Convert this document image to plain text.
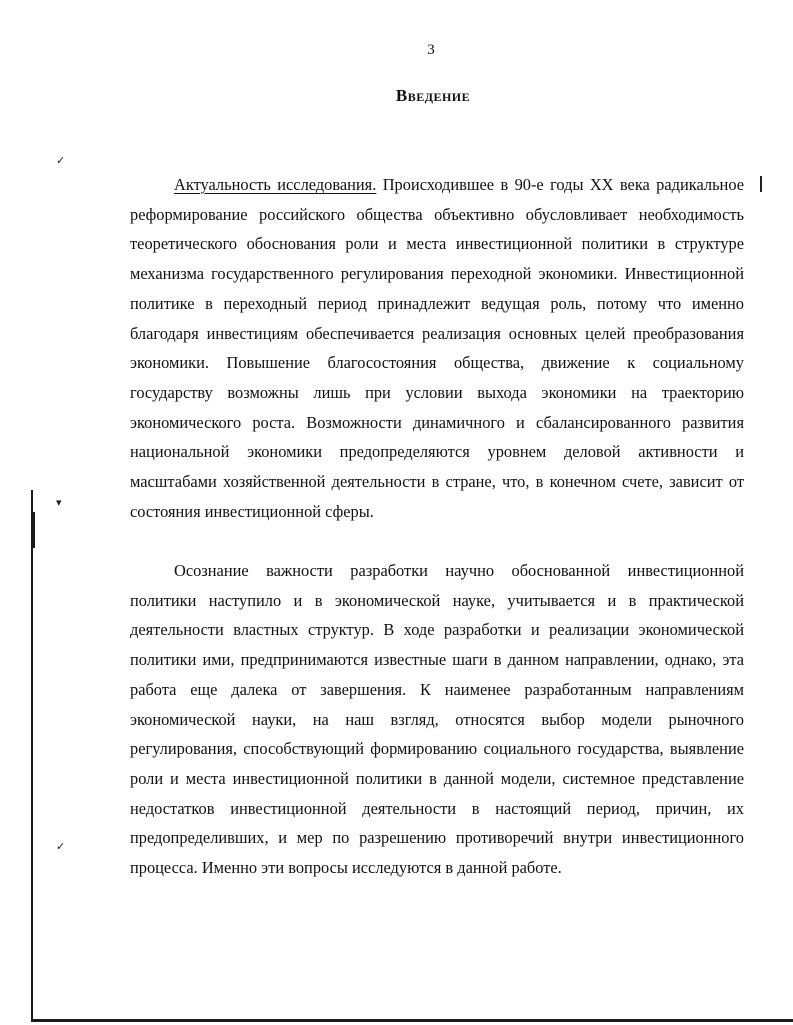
3
Введение

Актуальность исследования. Происходившее в 90-е годы XX века радикальное реформирование российского общества объективно обусловливает необходимость теоретического обоснования роли и места инвестиционной политики в структуре механизма государственного регулирования переходной экономики. Инвестиционной политике в переходный период принадлежит ведущая роль, потому что именно благодаря инвестициям обеспечивается реализация основных целей преобразования экономики. Повышение благосостояния общества, движение к социальному государству возможны лишь при условии выхода экономики на траекторию экономического роста. Возможности динамичного и сбалансированного развития национальной экономики предопределяются уровнем деловой активности и масштабами хозяйственной деятельности в стране, что, в конечном счете, зависит от состояния инвестиционной сферы.

Осознание важности разработки научно обоснованной инвестиционной политики наступило и в экономической науке, учитывается и в практической деятельности властных структур. В ходе разработки и реализации экономической политики ими, предпринимаются известные шаги в данном направлении, однако, эта работа еще далека от завершения. К наименее разработанным направлениям экономической науки, на наш взгляд, относятся выбор модели рыночного регулирования, способствующий формированию социального государства, выявление роли и места инвестиционной политики в данной модели, системное представление недостатков инвестиционной деятельности в настоящий период, причин, их предопределивших, и мер по разрешению противоречий внутри инвестиционного процесса. Именно эти вопросы исследуются в данной работе.

✓
▾
✓
